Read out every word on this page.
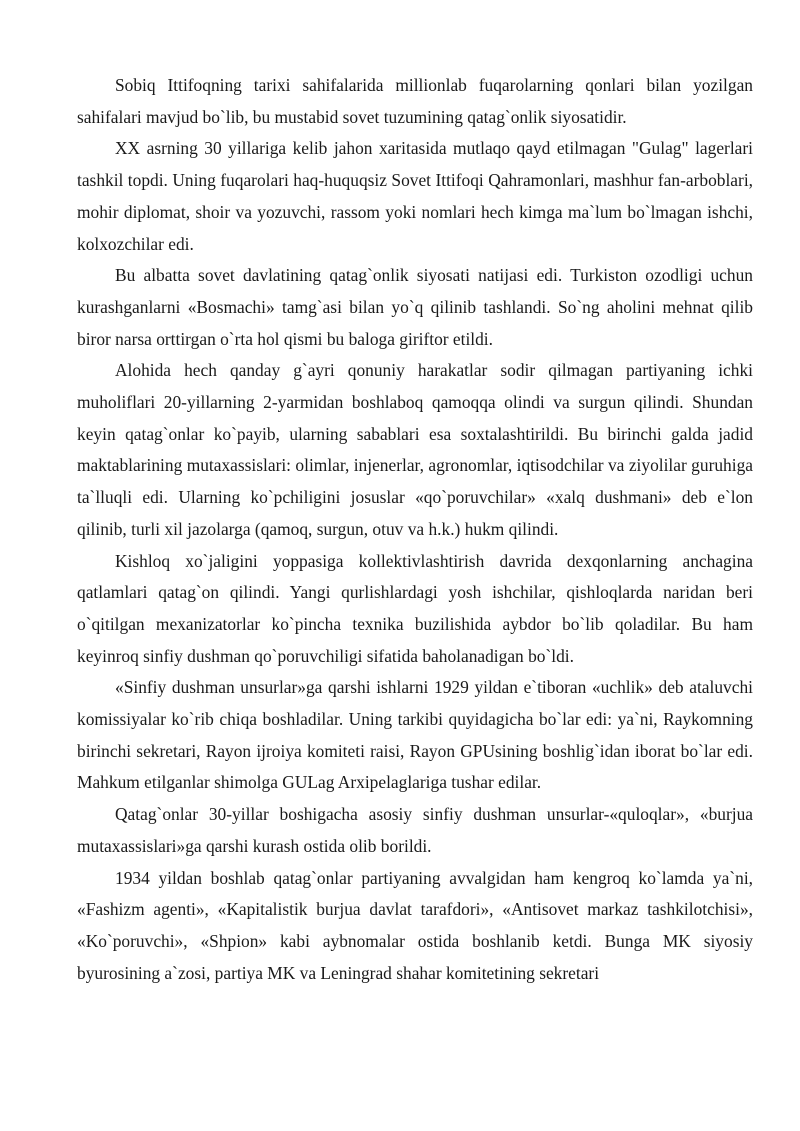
Sobiq Ittifoqning tarixi sahifalarida millionlab fuqarolarning qonlari bilan yozilgan sahifalari mavjud bo`lib, bu mustabid sovet tuzumining qatag`onlik siyosatidir.

XX asrning 30 yillariga kelib jahon xaritasida mutlaqo qayd etilmagan "Gulag" lagerlari tashkil topdi. Uning fuqarolari haq-huquqsiz Sovet Ittifoqi Qahramonlari, mashhur fan-arboblari, mohir diplomat, shoir va yozuvchi, rassom yoki nomlari hech kimga ma`lum bo`lmagan ishchi, kolxozchilar edi.

Bu albatta sovet davlatining qatag`onlik siyosati natijasi edi. Turkiston ozodligi uchun kurashganlarni «Bosmachi» tamg`asi bilan yo`q qilinib tashlandi. So`ng aholini mehnat qilib biror narsa orttirgan o`rta hol qismi bu baloga giriftor etildi.

Alohida hech qanday g`ayri qonuniy harakatlar sodir qilmagan partiyaning ichki muholiflari 20-yillarning 2-yarmidan boshlaboq qamoqqa olindi va surgun qilindi. Shundan keyin qatag`onlar ko`payib, ularning sabablari esa soxtalashtirildi. Bu birinchi galda jadid maktablarining mutaxassislari: olimlar, injenerlar, agronomlar, iqtisodchilar va ziyolilar guruhiga ta`lluqli edi. Ularning ko`pchiligini josuslar «qo`poruvchilar» «xalq dushmani» deb e`lon qilinib, turli xil jazolarga (qamoq, surgun, otuv va h.k.) hukm qilindi.

Kishloq xo`jaligini yoppasiga kollektivlashtirish davrida dexqonlarning anchagina qatlamlari qatag`on qilindi. Yangi qurlishlardagi yosh ishchilar, qishloqlarda naridan beri o`qitilgan mexanizatorlar ko`pincha texnika buzilishida aybdor bo`lib qoladilar. Bu ham keyinroq sinfiy dushman qo`poruvchiligi sifatida baholanadigan bo`ldi.

«Sinfiy dushman unsurlar»ga qarshi ishlarni 1929 yildan e`tiboran «uchlik» deb ataluvchi komissiyalar ko`rib chiqa boshladilar. Uning tarkibi quyidagicha bo`lar edi: ya`ni, Raykomning birinchi sekretari, Rayon ijroiya komiteti raisi, Rayon GPUsining boshlig`idan iborat bo`lar edi. Mahkum etilganlar shimolga GULag Arxipelaglariga tushar edilar.

Qatag`onlar 30-yillar boshigacha asosiy sinfiy dushman unsurlar-«quloqlar», «burjua mutaxassislari»ga qarshi kurash ostida olib borildi.

1934 yildan boshlab qatag`onlar partiyaning avvalgidan ham kengroq ko`lamda ya`ni, «Fashizm agenti», «Kapitalistik burjua davlat tarafdori», «Antisovet markaz tashkilotchisi», «Ko`poruvchi», «Shpion» kabi aybnomalar ostida boshlanib ketdi. Bunga MK siyosiy byurosining a`zosi, partiya MK va Leningrad shahar komitetining sekretari
